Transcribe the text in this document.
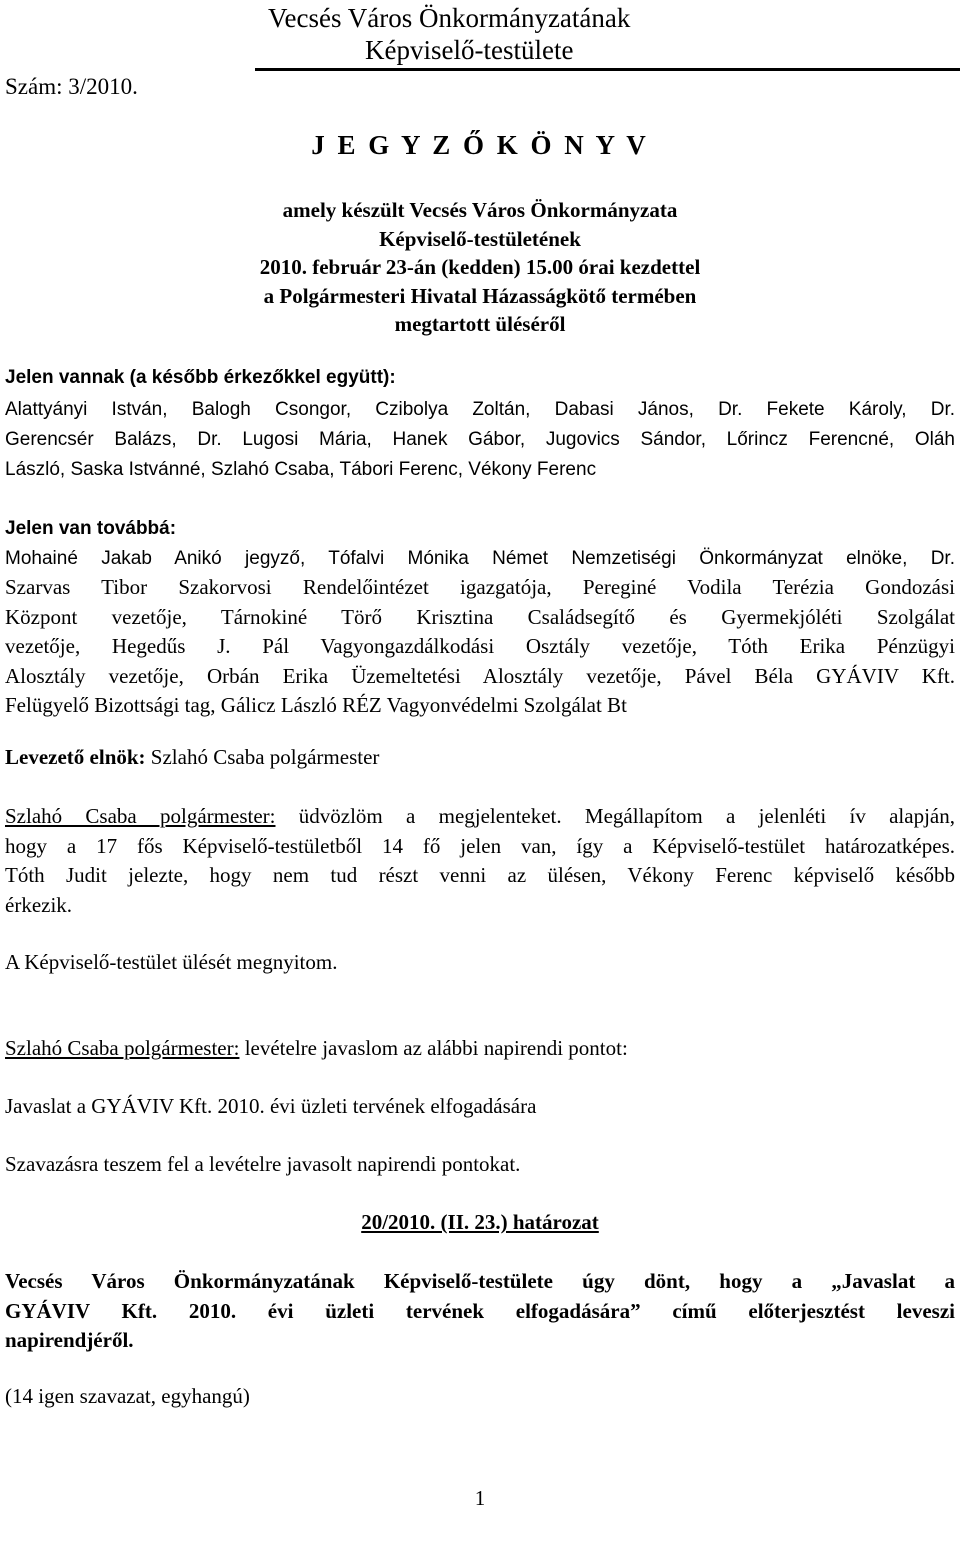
Vecsés Város Önkormányzatának
Képviselő-testülete
Szám: 3/2010.
J E G Y Z Ő K Ö N Y V
amely készült Vecsés Város Önkormányzata
Képviselő-testületének
2010. február 23-án (kedden) 15.00 órai kezdettel
a Polgármesteri Hivatal Házasságkötő termében
megtartott üléséről
Jelen vannak (a később érkezőkkel együtt):
Alattyányi István, Balogh Csongor, Czibolya Zoltán, Dabasi János, Dr. Fekete Károly, Dr.
Gerencsér Balázs, Dr. Lugosi Mária, Hanek Gábor, Jugovics Sándor, Lőrincz Ferencné, Oláh
László, Saska Istvánné, Szlahó Csaba, Tábori Ferenc, Vékony Ferenc
Jelen van továbbá:
Mohainé Jakab Anikó jegyző, Tófalvi Mónika Német Nemzetiségi Önkormányzat elnöke, Dr.
Szarvas Tibor Szakorvosi Rendelőintézet igazgatója, Pereginé Vodila Terézia Gondozási
Központ vezetője, Tárnokiné Törő Krisztina Családsegítő és Gyermekjóléti Szolgálat
vezetője, Hegedűs J. Pál Vagyongazdálkodási Osztály vezetője, Tóth Erika Pénzügyi
Alosztály vezetője, Orbán Erika Üzemeltetési Alosztály vezetője, Pável Béla GYÁVIV Kft.
Felügyelő Bizottsági tag, Gálicz László RÉZ Vagyonvédelmi Szolgálat Bt
Levezető elnök: Szlahó Csaba polgármester
Szlahó Csaba polgármester: üdvözlöm a megjelenteket. Megállapítom a jelenléti ív alapján,
hogy a 17 fős Képviselő-testületből 14 fő jelen van, így a Képviselő-testület határozatképes.
Tóth Judit jelezte, hogy nem tud részt venni az ülésen, Vékony Ferenc képviselő később
érkezik.
A Képviselő-testület ülését megnyitom.
Szlahó Csaba polgármester: levételre javaslom az alábbi napirendi pontot:
Javaslat a GYÁVIV Kft. 2010. évi üzleti tervének elfogadására
Szavazásra teszem fel a levételre javasolt napirendi pontokat.
20/2010. (II. 23.) határozat
Vecsés Város Önkormányzatának Képviselő-testülete úgy dönt, hogy a „Javaslat a
GYÁVIV Kft. 2010. évi üzleti tervének elfogadására” című előterjesztést leveszi
napirendjéről.
(14 igen szavazat, egyhangú)
1
